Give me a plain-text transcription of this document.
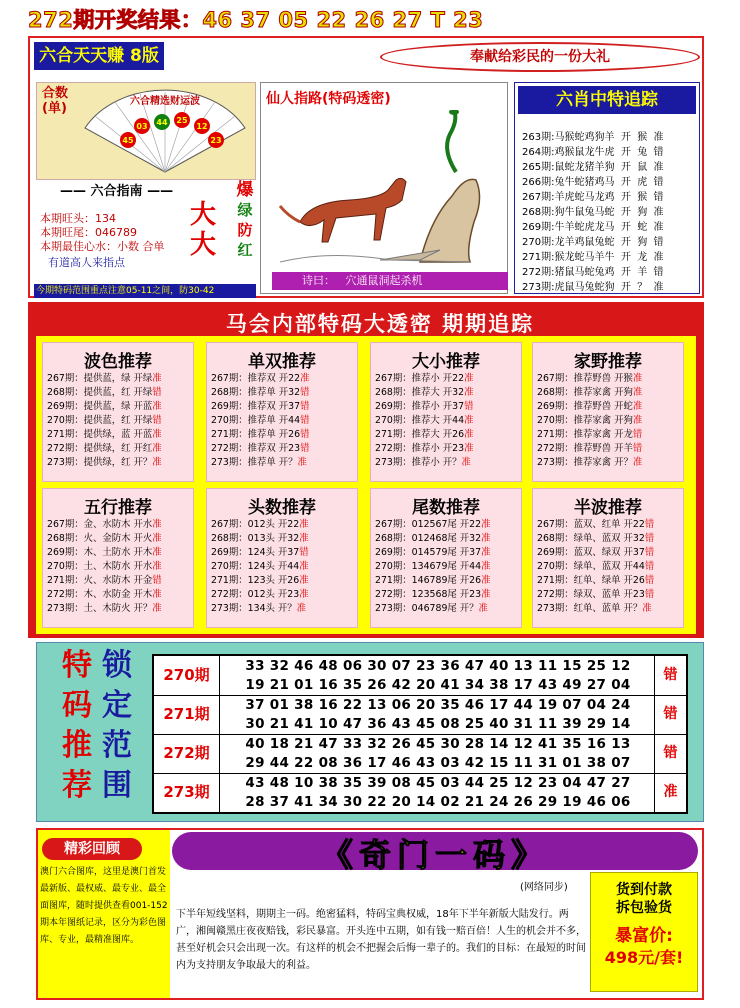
272期开奖结果：46 37 05 22 26 27 T 23
六合天天赚 8版	奉献给彩民的一份大礼
合数(单)	六合精选财运波
03 44 25
12
45	23
—— 六合指南 ——
本期旺头：134
本期旺尾：046789
本期最佳心水：小数 合单
有道高人来指点
大
大
爆
绿
防
红
今期特码范围重点注意05-11之间，防30-42
仙人指路(特码透密)
诗曰： 穴通鼠洞起杀机
六肖中特追踪
263期:马猴蛇鸡狗羊 开 猴 准
264期:鸡猴鼠龙牛虎 开 兔 错
265期:鼠蛇龙猪羊狗 开 鼠 准
266期:兔牛蛇猪鸡马 开 虎 错
267期:羊虎蛇马龙鸡 开 猴 错
268期:狗牛鼠兔马蛇 开 狗 准
269期:牛羊蛇虎龙马 开 蛇 准
270期:龙羊鸡鼠兔蛇 开 狗 错
271期:猴龙蛇马羊牛 开 龙 准
272期:猪鼠马蛇兔鸡 开 羊 错
273期:虎鼠马兔蛇狗 开 ？ 准
马会内部特码大透密 期期追踪
波色推荐
267期：提供蓝，绿 开绿准
268期：提供蓝，红 开绿错
269期：提供蓝，绿 开蓝准
270期：提供蓝，红 开绿错
271期：提供绿，蓝 开蓝准
272期：提供绿，红 开红准
273期：提供绿，红 开？准
单双推荐
267期：推荐双 开22准
268期：推荐单 开32错
269期：推荐双 开37错
270期：推荐单 开44错
271期：推荐单 开26错
272期：推荐双 开23错
273期：推荐单 开？准
大小推荐
267期：推荐小 开22准
268期：推荐大 开32准
269期：推荐小 开37错
270期：推荐大 开44准
271期：推荐大 开26准
272期：推荐小 开23准
273期：推荐小 开？准
家野推荐
267期：推荐野兽 开猴准
268期：推荐家禽 开狗准
269期：推荐野兽 开蛇准
270期：推荐家禽 开狗准
271期：推荐家禽 开龙错
272期：推荐野兽 开羊错
273期：推荐家禽 开？准
五行推荐
267期：金、水防木 开水准
268期：火、金防木 开火准
269期：木、土防水 开木准
270期：土、木防水 开水准
271期：火、水防木 开金错
272期：木、水防金 开木准
273期：土、木防火 开？准
头数推荐
267期：012头 开22准
268期：013头 开32准
269期：124头 开37错
270期：124头 开44准
271期：123头 开26准
272期：012头 开23准
273期：134头 开？准
尾数推荐
267期：012567尾 开22准
268期：012468尾 开32准
269期：014579尾 开37准
270期：134679尾 开44准
271期：146789尾 开26准
272期：123568尾 开23准
273期：046789尾 开？准
半波推荐
267期：蓝双、红单 开22错
268期：绿单、蓝双 开32错
269期：蓝双、绿双 开37错
270期：绿单、蓝双 开44错
271期：红单、绿单 开26错
272期：绿双、蓝单 开23错
273期：红单、蓝单 开？准
特
码
推
荐
锁
定
范
围
270期	33 32 46 48 06 30 07 23 36 47 40 13 11 15 25 12
19 21 01 16 35 26 42 20 41 34 38 17 43 49 27 04
错
271期	37 01 38 16 22 13 06 20 35 46 17 44 19 07 04 24
30 21 41 10 47 36 43 45 08 25 40 31 11 39 29 14
错
272期	40 18 21 47 33 32 26 45 30 28 14 12 41 35 16 13
29 44 22 08 36 17 46 43 03 42 15 11 31 01 38 07
错
273期	43 48 10 38 35 39 08 45 03 44 25 12 23 04 47 27
28 37 41 34 30 22 20 14 02 21 24 26 29 19 46 06
准
精彩回顾
澳门六合图库，这里是澳门首发最新版、最权威、最专业、最全面图库，随时提供查看001-152期本年图纸记录，区分为彩色图库、专业，最精准图库。
《奇门一码》
(网络同步)
下半年短线坚料，期期主一码。绝密猛料，特码宝典权威，18年下半年新版大陆发行。两广，湘闽赣黑庄夜夜赔钱，彩民暴富。开头连中五期，如有钱一赔百倍！人生的机会并不多，甚至好机会只会出现一次。有这样的机会不把握会后悔一辈子的。我们的目标：在最短的时间内为支持朋友争取最大的利益。
货到付款
拆包验货
暴富价:
498元/套!
